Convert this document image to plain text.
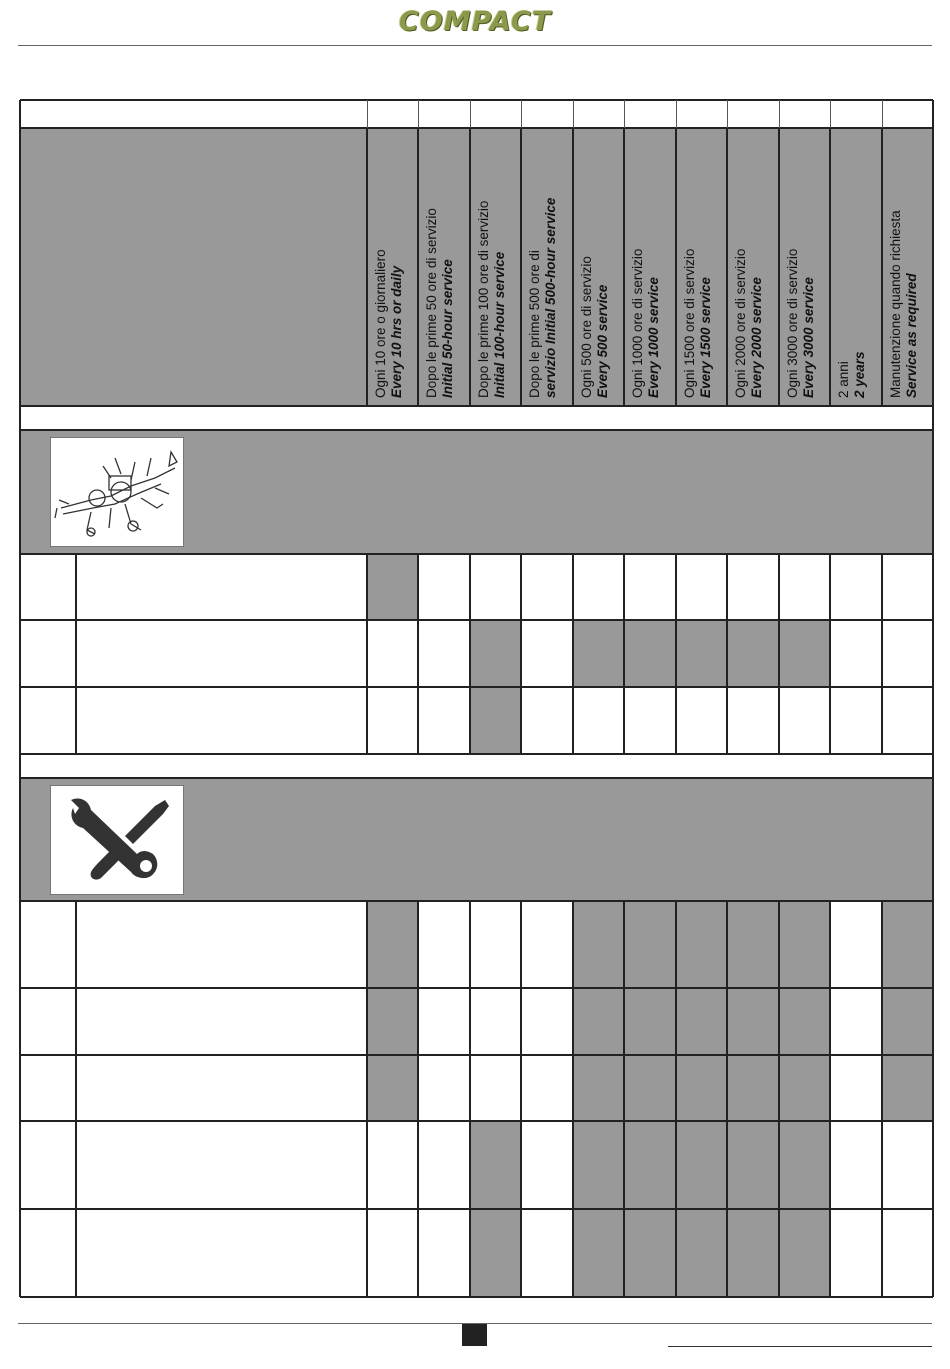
COMPACT
Ogni 10 ore o giornaliero Every 10 hrs or daily Dopo le prime 50 ore di servizio Initial 50-hour service Dopo le prime 100 ore di servizio Initial 100-hour service Dopo le prime 500 ore di servizio Initial 500-hour service Ogni 500 ore di servizio Every 500 service Ogni 1000 ore di servizio Every 1000 service Ogni 1500 ore di servizio Every 1500 service Ogni 2000 ore di servizio Every 2000 service Ogni 3000 ore di servizio Every 3000 service 2 anni 2 years Manutenzione quando richiesta Service as required
